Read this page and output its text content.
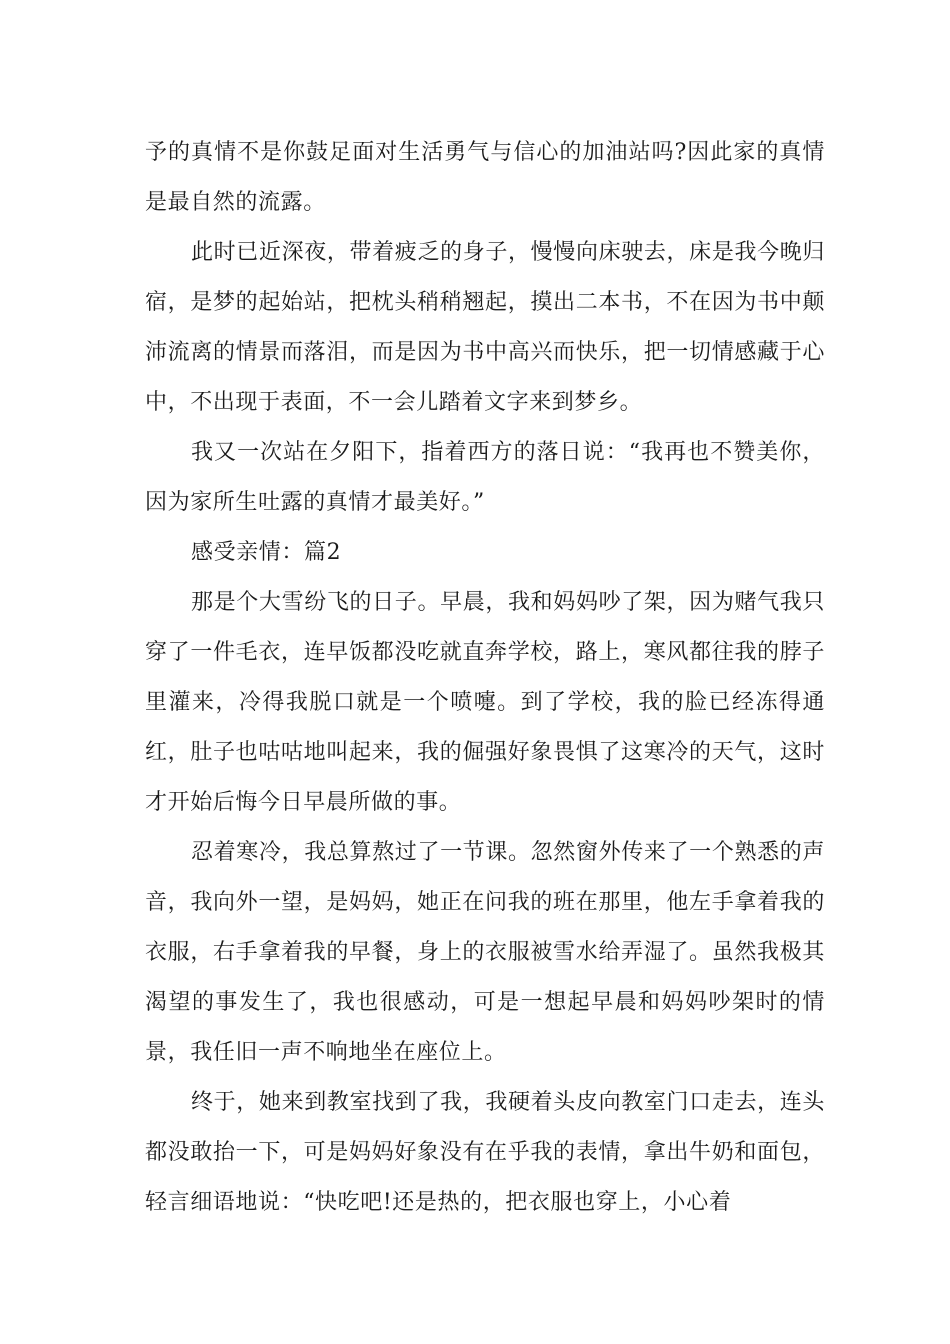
予的真情不是你鼓足面对生活勇气与信心的加油站吗?因此家的真情是最自然的流露。

此时已近深夜，带着疲乏的身子，慢慢向床驶去，床是我今晚归宿，是梦的起始站，把枕头稍稍翘起，摸出二本书，不在因为书中颠沛流离的情景而落泪，而是因为书中高兴而快乐，把一切情感藏于心中，不出现于表面，不一会儿踏着文字来到梦乡。

我又一次站在夕阳下，指着西方的落日说：“我再也不赞美你，因为家所生吐露的真情才最美好。”

感受亲情：篇2

那是个大雪纷飞的日子。早晨，我和妈妈吵了架，因为赌气我只穿了一件毛衣，连早饭都没吃就直奔学校，路上，寒风都往我的脖子里灌来，冷得我脱口就是一个喷嚏。到了学校，我的脸已经冻得通红，肚子也咕咕地叫起来，我的倔强好象畏惧了这寒冷的天气，这时才开始后悔今日早晨所做的事。

忍着寒冷，我总算熬过了一节课。忽然窗外传来了一个熟悉的声音，我向外一望，是妈妈，她正在问我的班在那里，他左手拿着我的衣服，右手拿着我的早餐，身上的衣服被雪水给弄湿了。虽然我极其渴望的事发生了，我也很感动，可是一想起早晨和妈妈吵架时的情景，我任旧一声不响地坐在座位上。

终于，她来到教室找到了我，我硬着头皮向教室门口走去，连头都没敢抬一下，可是妈妈好象没有在乎我的表情，拿出牛奶和面包，轻言细语地说：“快吃吧!还是热的，把衣服也穿上，小心着
